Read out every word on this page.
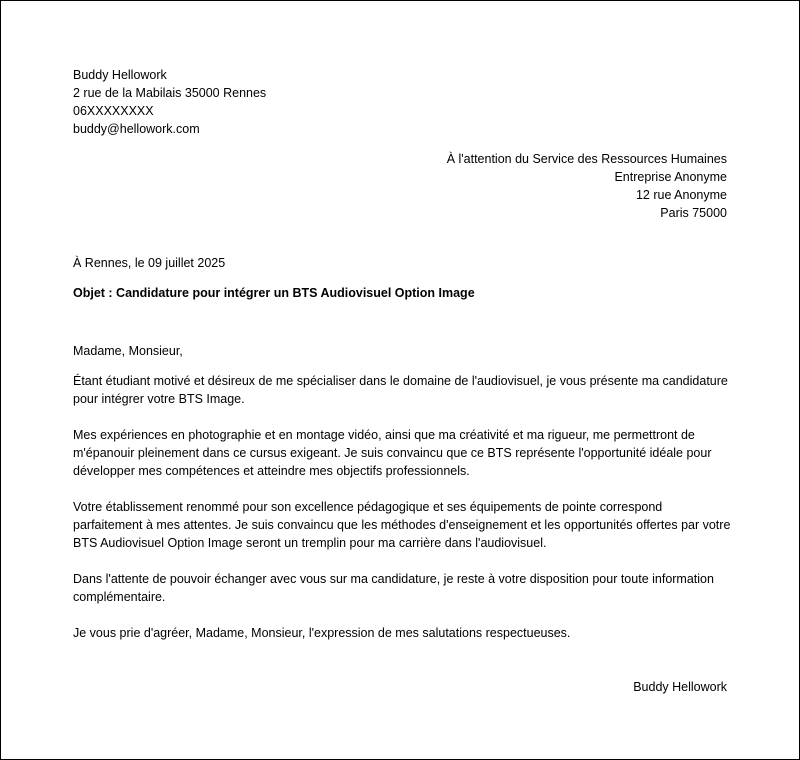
Buddy Hellowork
2 rue de la Mabilais 35000 Rennes
06XXXXXXXX
buddy@hellowork.com
À l'attention du Service des Ressources Humaines
Entreprise Anonyme
12 rue Anonyme
Paris 75000
À Rennes, le 09 juillet 2025
Objet : Candidature pour intégrer un BTS Audiovisuel Option Image

Madame, Monsieur,

Étant étudiant motivé et désireux de me spécialiser dans le domaine de l'audiovisuel, je vous présente ma candidature pour intégrer votre BTS Image.

Mes expériences en photographie et en montage vidéo, ainsi que ma créativité et ma rigueur, me permettront de m'épanouir pleinement dans ce cursus exigeant. Je suis convaincu que ce BTS représente l'opportunité idéale pour développer mes compétences et atteindre mes objectifs professionnels.

Votre établissement renommé pour son excellence pédagogique et ses équipements de pointe correspond parfaitement à mes attentes. Je suis convaincu que les méthodes d'enseignement et les opportunités offertes par votre BTS Audiovisuel Option Image seront un tremplin pour ma carrière dans l'audiovisuel.

Dans l'attente de pouvoir échanger avec vous sur ma candidature, je reste à votre disposition pour toute information complémentaire.

Je vous prie d'agréer, Madame, Monsieur, l'expression de mes salutations respectueuses.

Buddy Hellowork
